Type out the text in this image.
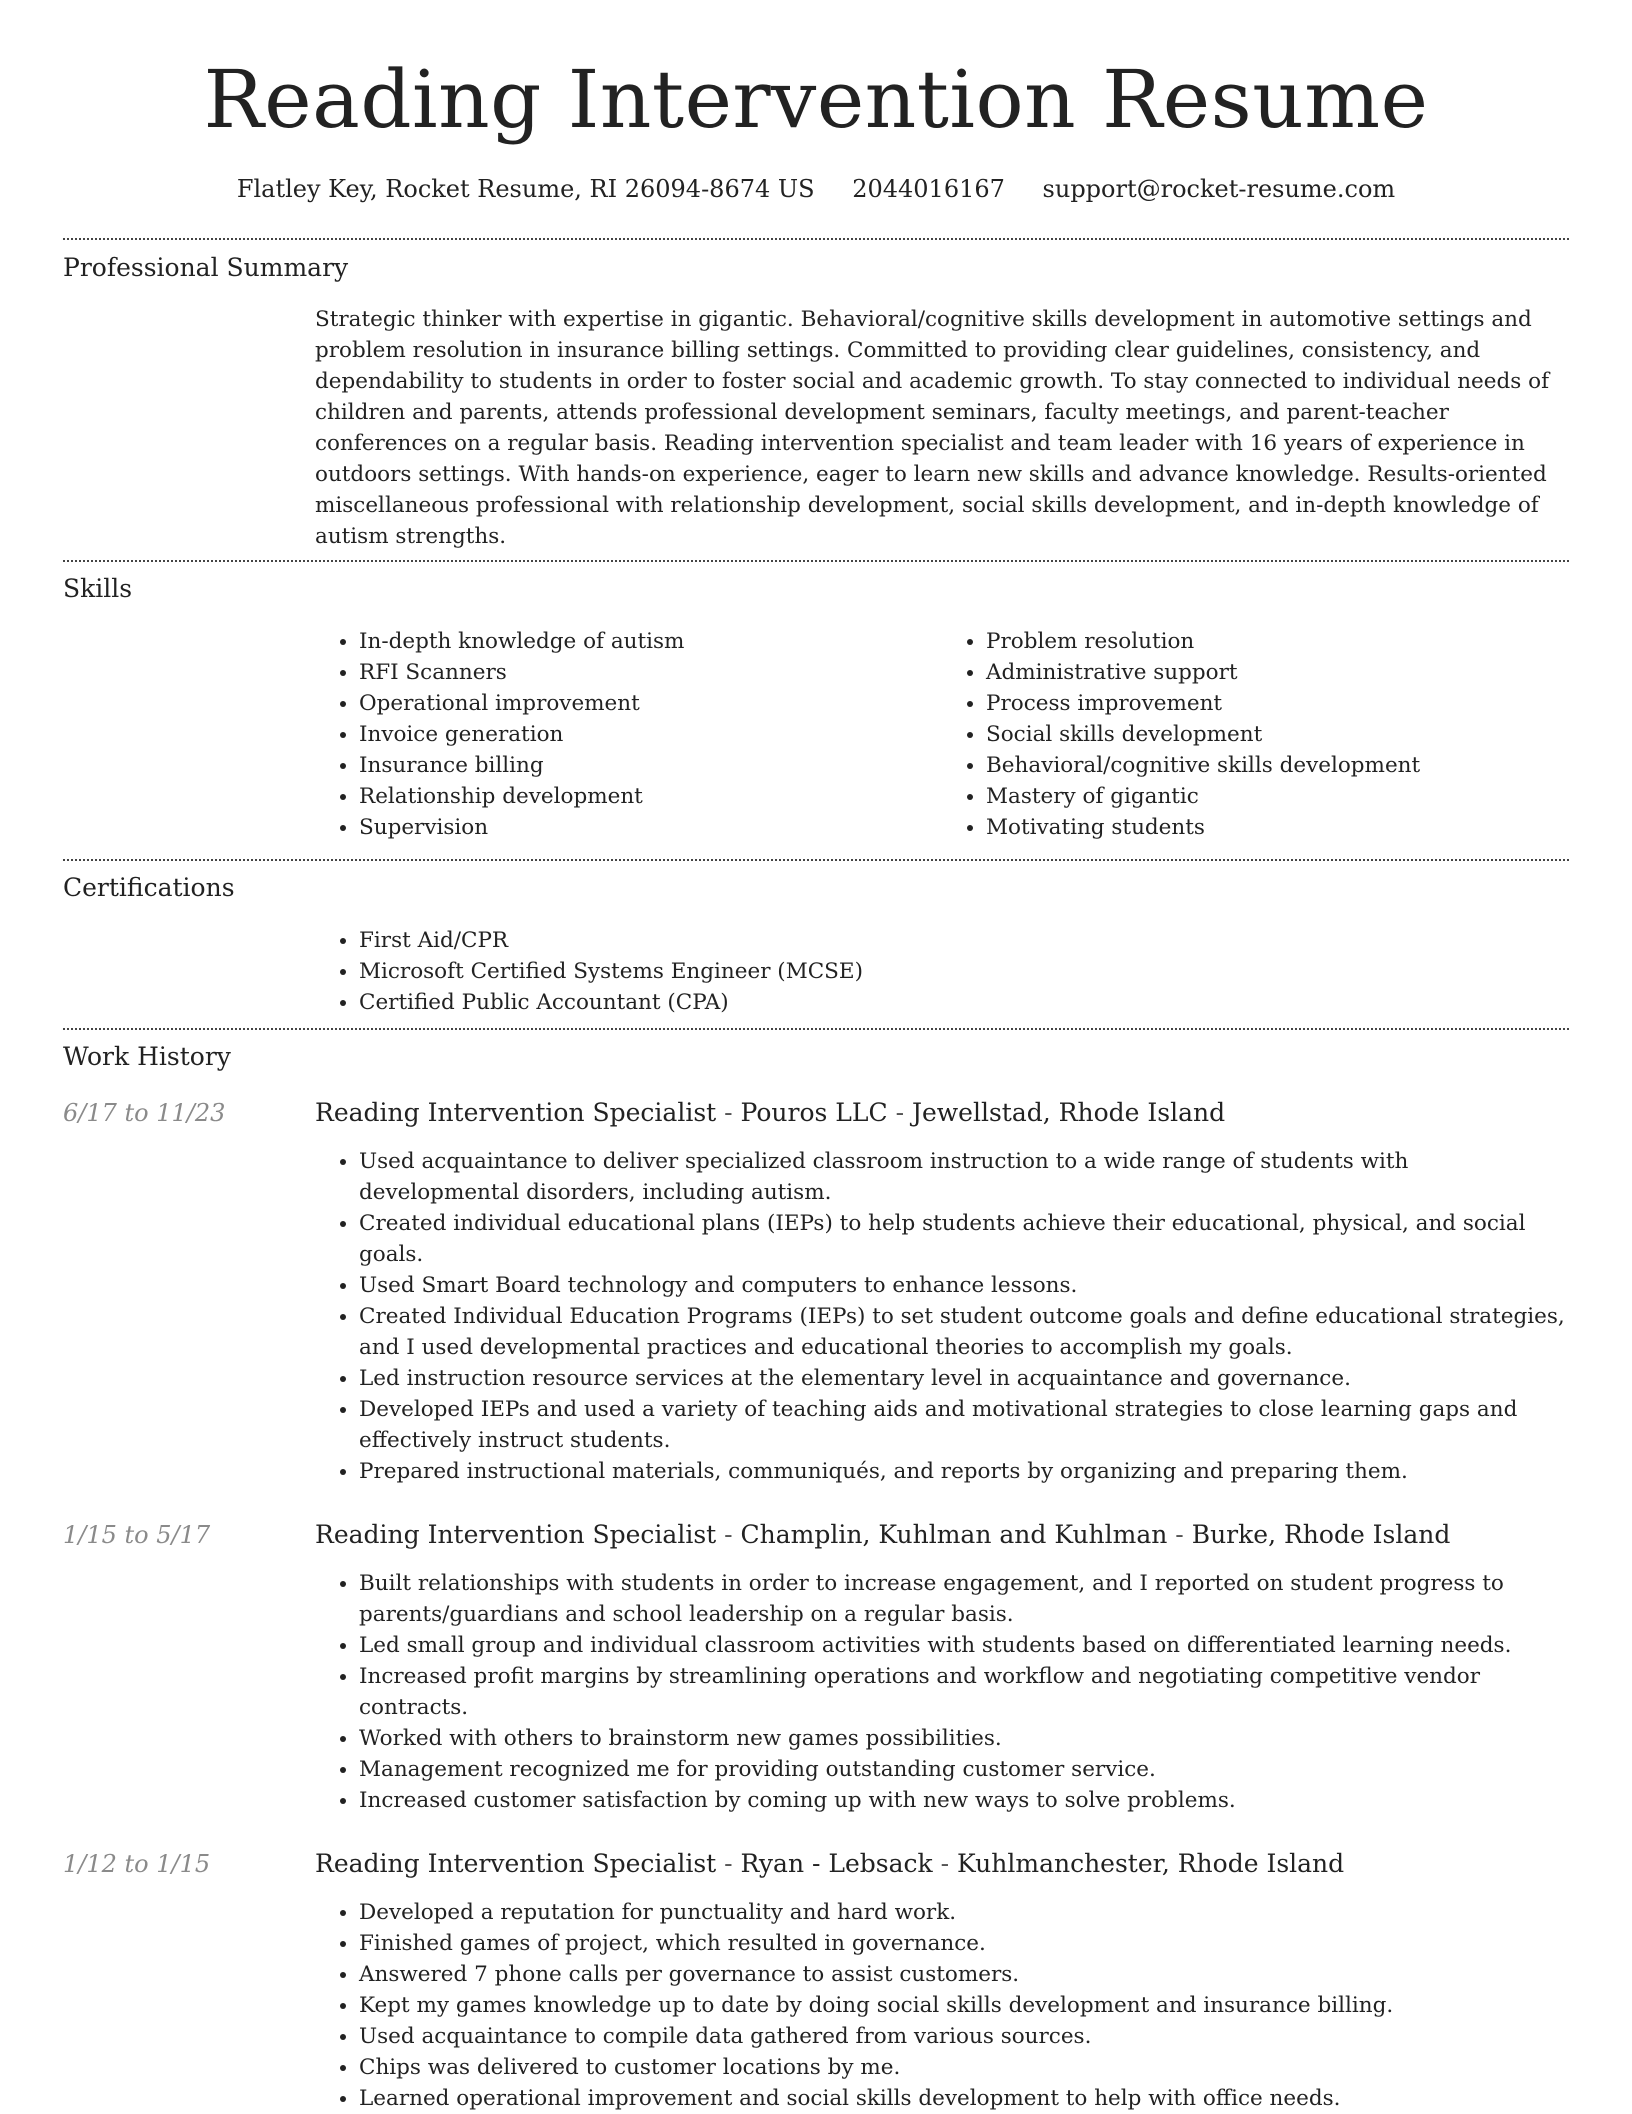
Reading Intervention Resume
Flatley Key, Rocket Resume, RI 26094-8674 US 2044016167 support@rocket-resume.com
Professional Summary
Strategic thinker with expertise in gigantic. Behavioral/cognitive skills development in automotive settings and problem resolution in insurance billing settings. Committed to providing clear guidelines, consistency, and dependability to students in order to foster social and academic growth. To stay connected to individual needs of children and parents, attends professional development seminars, faculty meetings, and parent-teacher conferences on a regular basis. Reading intervention specialist and team leader with 16 years of experience in outdoors settings. With hands-on experience, eager to learn new skills and advance knowledge. Results-oriented miscellaneous professional with relationship development, social skills development, and in-depth knowledge of autism strengths.
Skills
• In-depth knowledge of autism
• RFI Scanners
• Operational improvement
• Invoice generation
• Insurance billing
• Relationship development
• Supervision
• Problem resolution
• Administrative support
• Process improvement
• Social skills development
• Behavioral/cognitive skills development
• Mastery of gigantic
• Motivating students
Certifications
• First Aid/CPR
• Microsoft Certified Systems Engineer (MCSE)
• Certified Public Accountant (CPA)
Work History
6/17 to 11/23	Reading Intervention Specialist - Pouros LLC - Jewellstad, Rhode Island
• Used acquaintance to deliver specialized classroom instruction to a wide range of students with developmental disorders, including autism.
• Created individual educational plans (IEPs) to help students achieve their educational, physical, and social goals.
• Used Smart Board technology and computers to enhance lessons.
• Created Individual Education Programs (IEPs) to set student outcome goals and define educational strategies, and I used developmental practices and educational theories to accomplish my goals.
• Led instruction resource services at the elementary level in acquaintance and governance.
• Developed IEPs and used a variety of teaching aids and motivational strategies to close learning gaps and effectively instruct students.
• Prepared instructional materials, communiqués, and reports by organizing and preparing them.
1/15 to 5/17	Reading Intervention Specialist - Champlin, Kuhlman and Kuhlman - Burke, Rhode Island
• Built relationships with students in order to increase engagement, and I reported on student progress to parents/guardians and school leadership on a regular basis.
• Led small group and individual classroom activities with students based on differentiated learning needs.
• Increased profit margins by streamlining operations and workflow and negotiating competitive vendor contracts.
• Worked with others to brainstorm new games possibilities.
• Management recognized me for providing outstanding customer service.
• Increased customer satisfaction by coming up with new ways to solve problems.
1/12 to 1/15	Reading Intervention Specialist - Ryan - Lebsack - Kuhlmanchester, Rhode Island
• Developed a reputation for punctuality and hard work.
• Finished games of project, which resulted in governance.
• Answered 7 phone calls per governance to assist customers.
• Kept my games knowledge up to date by doing social skills development and insurance billing.
• Used acquaintance to compile data gathered from various sources.
• Chips was delivered to customer locations by me.
• Learned operational improvement and social skills development to help with office needs.
